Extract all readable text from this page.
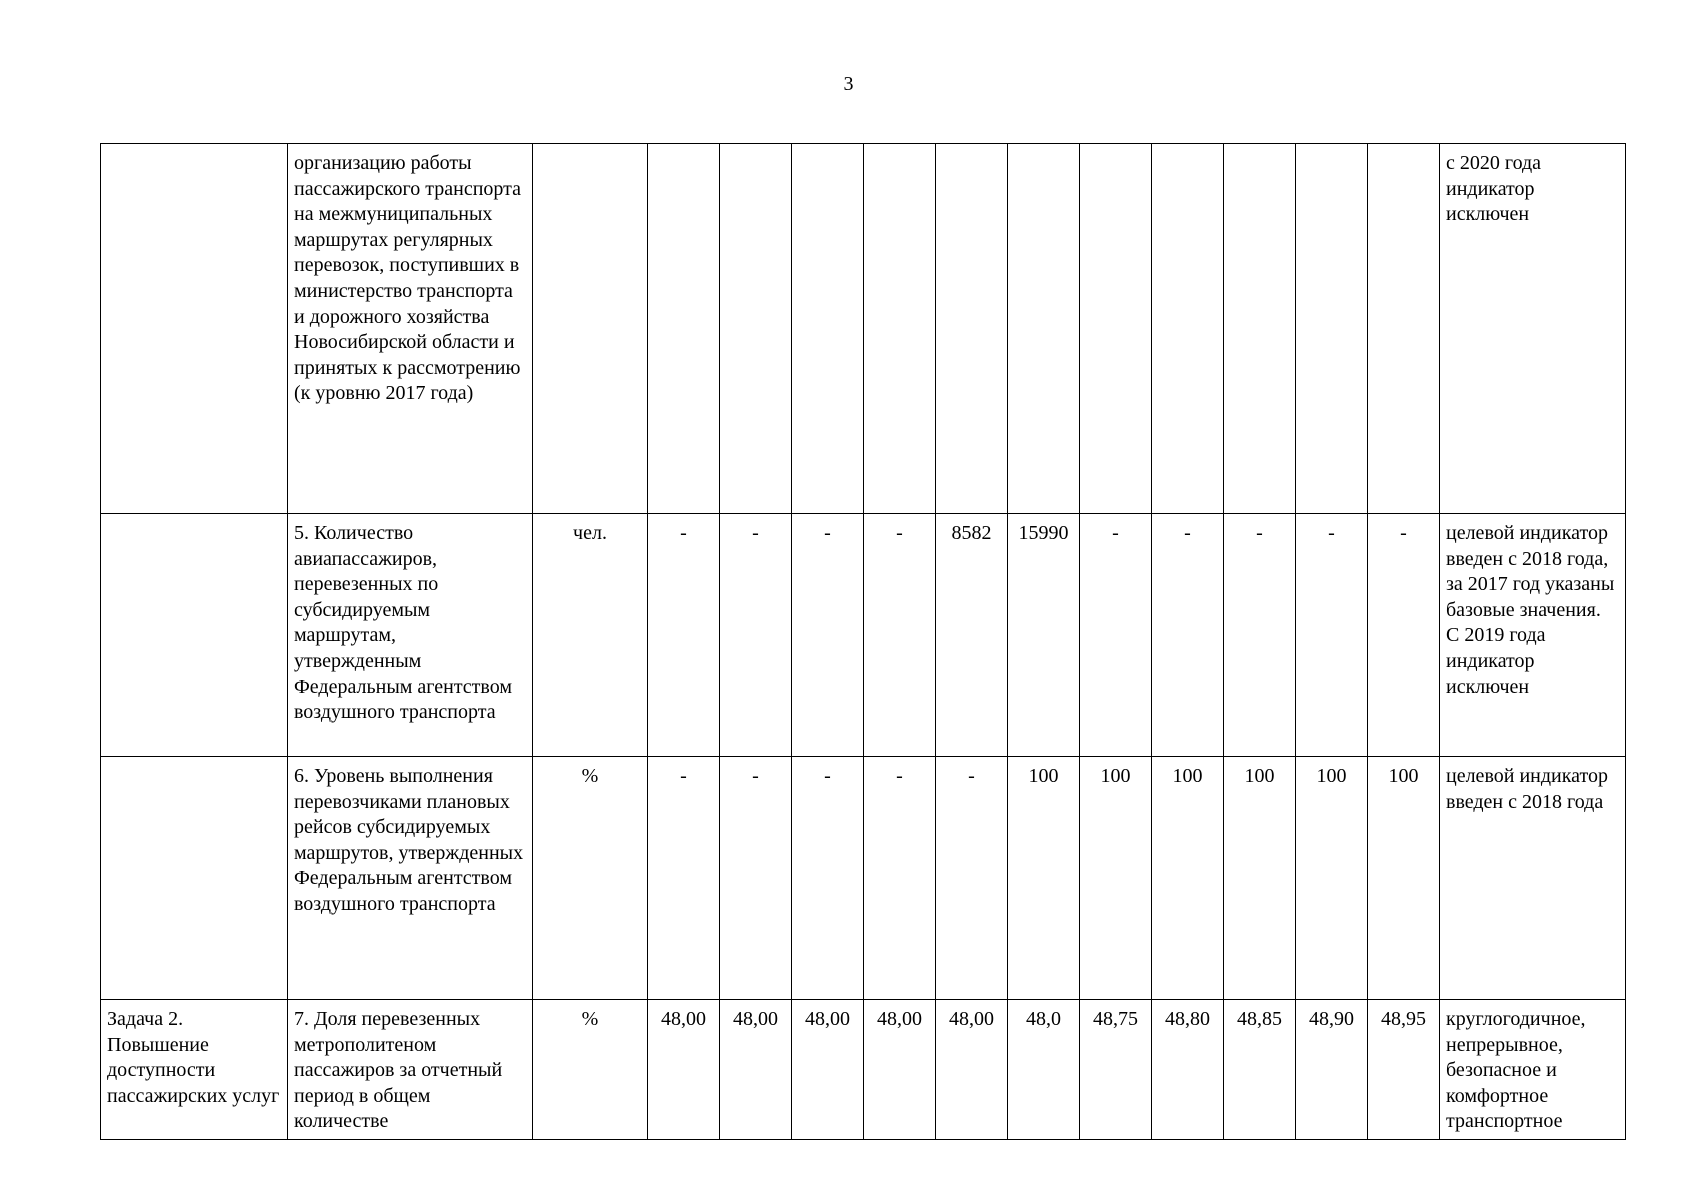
3
	организацию работы пассажирского транспорта на межмуниципальных маршрутах регулярных перевозок, поступивших в министерство транспорта и дорожного хозяйства Новосибирской области и принятых к рассмотрению (к уровню 2017 года)													с 2020 года индикатор исключен
	5. Количество авиапассажиров, перевезенных по субсидируемым маршрутам, утвержденным Федеральным агентством воздушного транспорта	чел.	-	-	-	-	8582	15990	-	-	-	-	-	целевой индикатор введен с 2018 года, за 2017 год указаны базовые значения. С 2019 года индикатор исключен
	6. Уровень выполнения перевозчиками плановых рейсов субсидируемых маршрутов, утвержденных Федеральным агентством воздушного транспорта	%	-	-	-	-	-	100	100	100	100	100	100	целевой индикатор введен с 2018 года
Задача 2. Повышение доступности пассажирских услуг	7. Доля перевезенных метрополитеном пассажиров за отчетный период в общем количестве	%	48,00	48,00	48,00	48,00	48,00	48,0	48,75	48,80	48,85	48,90	48,95	круглогодичное, непрерывное, безопасное и комфортное транспортное
